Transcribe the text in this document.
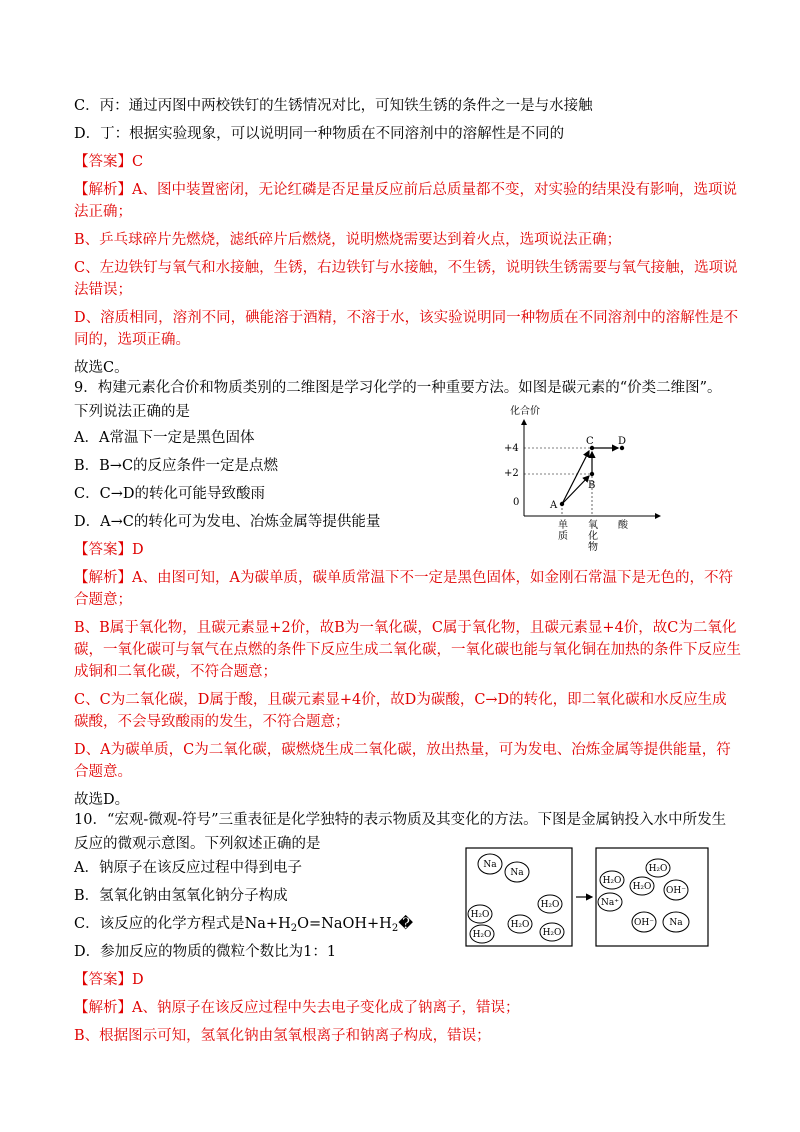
C．丙：通过丙图中两校铁钉的生锈情况对比，可知铁生锈的条件之一是与水接触
D．丁：根据实验现象，可以说明同一种物质在不同溶剂中的溶解性是不同的
【答案】C
【解析】A、图中装置密闭，无论红磷是否足量反应前后总质量都不变，对实验的结果没有影响，选项说
法正确；
B、乒乓球碎片先燃烧，滤纸碎片后燃烧，说明燃烧需要达到着火点，选项说法正确；
C、左边铁钉与氧气和水接触，生锈，右边铁钉与水接触，不生锈，说明铁生锈需要与氧气接触，选项说
法错误；
D、溶质相同，溶剂不同，碘能溶于酒精，不溶于水，该实验说明同一种物质在不同溶剂中的溶解性是不
同的，选项正确。
故选C。
9．构建元素化合价和物质类别的二维图是学习化学的一种重要方法。如图是碳元素的“价类二维图”。
下列说法正确的是
A．A常温下一定是黑色固体
B．B→C的反应条件一定是点燃
C．C→D的转化可能导致酸雨
D．A→C的转化可为发电、冶炼金属等提供能量
【答案】D
【解析】A、由图可知，A为碳单质，碳单质常温下不一定是黑色固体，如金刚石常温下是无色的，不符
合题意；
B、B属于氧化物，且碳元素显+2价，故B为一氧化碳，C属于氧化物，且碳元素显+4价，故C为二氧化
碳，一氧化碳可与氧气在点燃的条件下反应生成二氧化碳，一氧化碳也能与氧化铜在加热的条件下反应生
成铜和二氧化碳，不符合题意；
C、C为二氧化碳，D属于酸，且碳元素显+4价，故D为碳酸，C→D的转化，即二氧化碳和水反应生成
碳酸，不会导致酸雨的发生，不符合题意；
D、A为碳单质，C为二氧化碳，碳燃烧生成二氧化碳，放出热量，可为发电、冶炼金属等提供能量，符
合题意。
故选D。
化合价
+4
+2
0
单质
氧化物
酸
A
B
C D
10．“宏观-微观-符号”三重表征是化学独特的表示物质及其变化的方法。下图是金属钠投入水中所发生
反应的微观示意图。下列叙述正确的是
A．钠原子在该反应过程中得到电子
B．氢氧化钠由氢氧化钠分子构成
C．该反应的化学方程式是$Na+H_2O=NaOH+H_2�$
D．参加反应的物质的微粒个数比为1：1
【答案】D
【解析】A、钠原子在该反应过程中失去电子变化成了钠离子，错误；
B、根据图示可知，氢氧化钠由氢氧根离子和钠离子构成，错误；
Na
Na
H₂O
H₂O
H₂O
H₂O	H₂O
H₂O
H₂O
H₂O OH⁻
Na⁺
OH⁻ Na
